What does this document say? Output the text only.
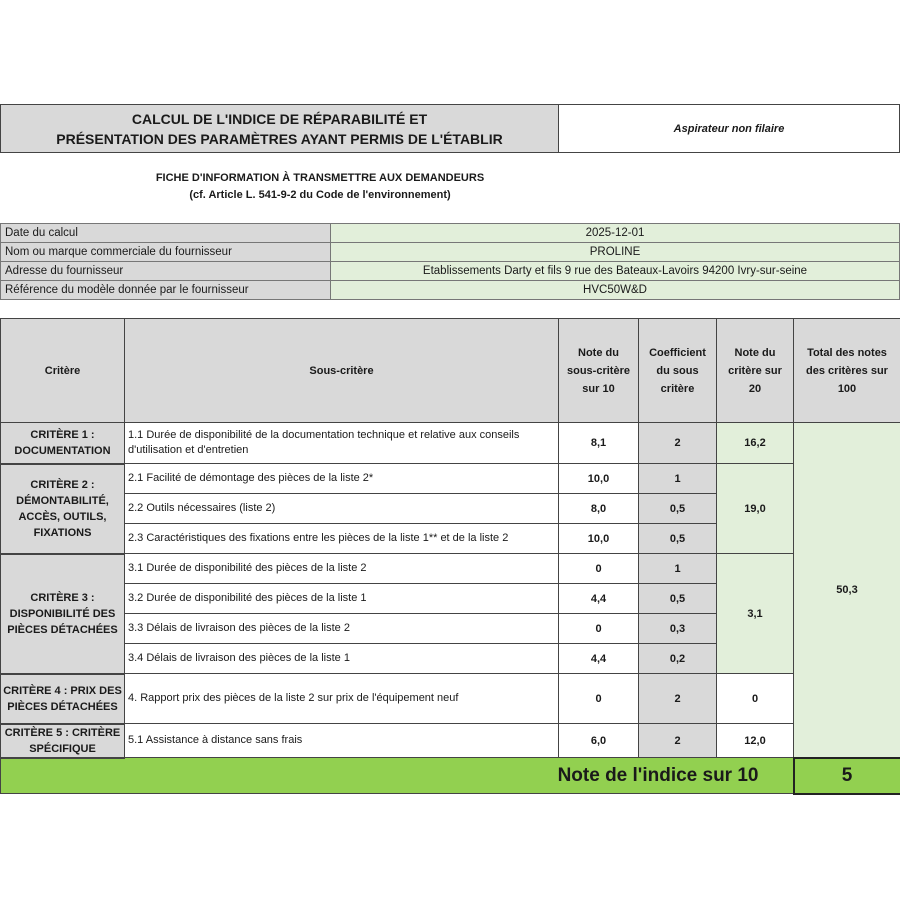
CALCUL DE L'INDICE DE RÉPARABILITÉ ET
PRÉSENTATION DES PARAMÈTRES AYANT PERMIS DE L'ÉTABLIR
	Aspirateur non filaire
FICHE D'INFORMATION À TRANSMETTRE AUX DEMANDEURS
(cf. Article L. 541-9-2 du Code de l'environnement)
Date du calcul	2025-12-01
Nom ou marque commerciale du fournisseur	PROLINE
Adresse du fournisseur	Etablissements Darty et fils 9 rue des Bateaux-Lavoirs 94200 Ivry-sur-seine
Référence du modèle donnée par le fournisseur	HVC50W&D
Critère	Sous-critère	Note du sous-critère sur 10	Coefficient du sous critère	Note du critère sur 20	Total des notes des critères sur 100
CRITÈRE 1 : DOCUMENTATION	1.1 Durée de disponibilité de la documentation technique et relative aux conseils d'utilisation et d'entretien	8,1	2	16,2	50,3
CRITÈRE 2 : DÉMONTABILITÉ, ACCÈS, OUTILS, FIXATIONS	2.1 Facilité de démontage des pièces de la liste 2*	10,0	1	19,0	
	2.2 Outils nécessaires (liste 2)	8,0	0,5		
	2.3 Caractéristiques des fixations entre les pièces de la liste 1** et de la liste 2	10,0	0,5		
CRITÈRE 3 : DISPONIBILITÉ DES PIÈCES DÉTACHÉES	3.1 Durée de disponibilité des pièces de la liste 2	0	1	3,1	
	3.2 Durée de disponibilité des pièces de la liste 1	4,4	0,5		
	3.3 Délais de livraison des pièces de la liste 2	0	0,3		
	3.4 Délais de livraison des pièces de la liste 1	4,4	0,2		
CRITÈRE 4 : PRIX DES PIÈCES DÉTACHÉES	4. Rapport prix des pièces de la liste 2 sur prix de l'équipement neuf	0	2	0	
CRITÈRE 5 : CRITÈRE SPÉCIFIQUE	5.1 Assistance à distance sans frais	6,0	2	12,0	
Note de l'indice sur 10					5
